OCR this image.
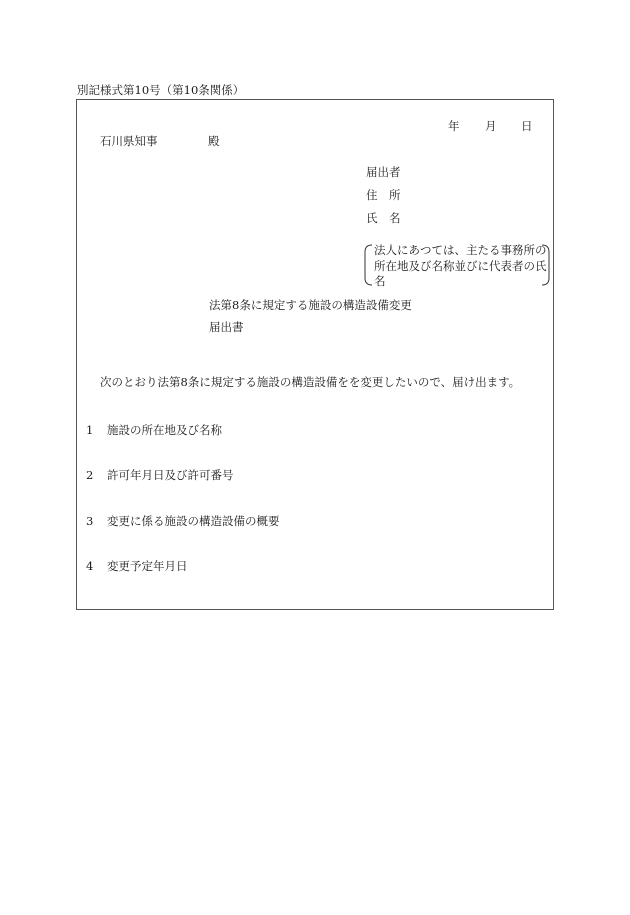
別記様式第10号（第10条関係）
年 月 日
石川県知事	殿
届出者
住　所
氏　名
法人にあつては、主たる事務所の所在地及び名称並びに代表者の氏名
法第8条に規定する施設の構造設備変更
届出書
次のとおり法第8条に規定する施設の構造設備をを変更したいので、届け出ます。
1 施設の所在地及び名称
2 許可年月日及び許可番号
3 変更に係る施設の構造設備の概要
4 変更予定年月日
